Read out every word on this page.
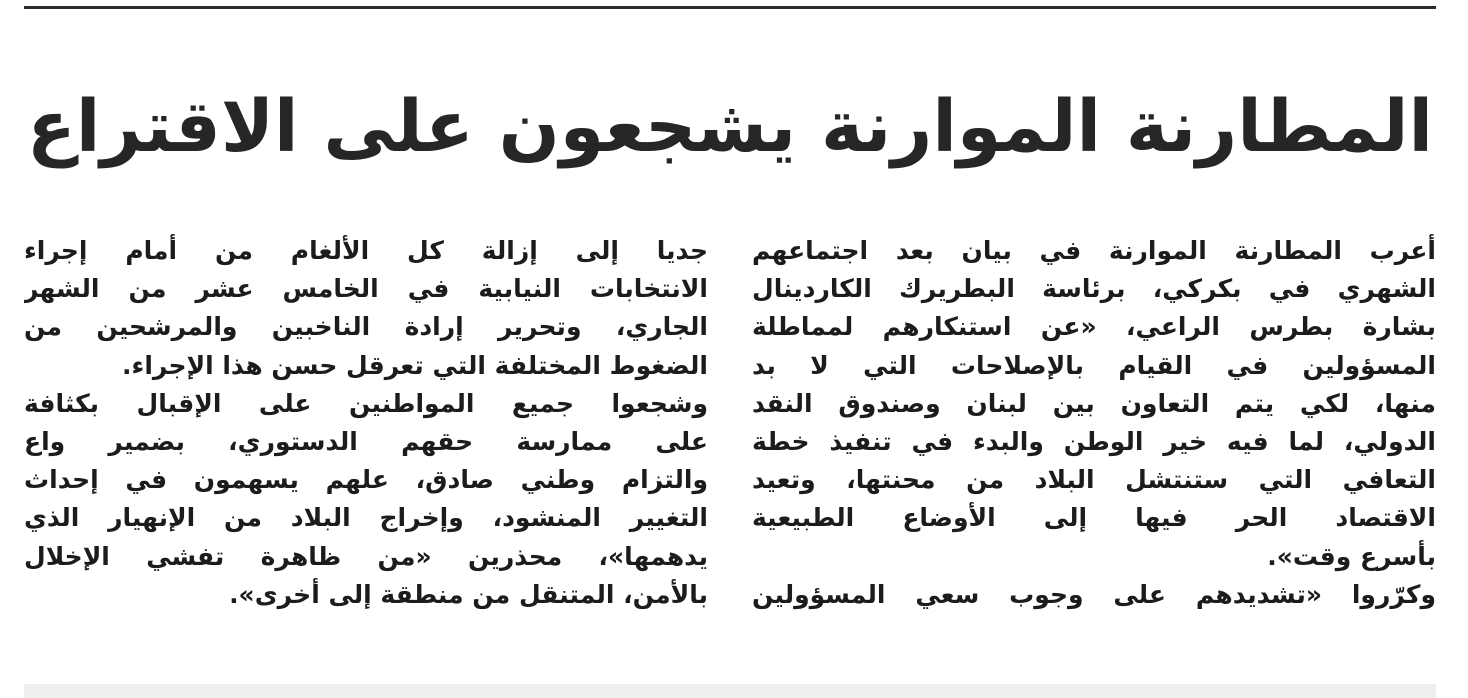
المطارنة الموارنة يشجعون على الاقتراع
أعرب المطارنة الموارنة في بيان بعد اجتماعهم
الشهري في بكركي، برئاسة البطريرك الكاردينال
بشارة بطرس الراعي، «عن استنكارهم لمماطلة
المسؤولين في القيام بالإصلاحات التي لا بد
منها، لكي يتم التعاون بين لبنان وصندوق النقد
الدولي، لما فيه خير الوطن والبدء في تنفيذ خطة
التعافي التي ستنتشل البلاد من محنتها، وتعيد
الاقتصاد الحر فيها إلى الأوضاع الطبيعية
بأسرع وقت».
وكرّروا «تشديدهم على وجوب سعي المسؤولين
جديا إلى إزالة كل الألغام من أمام إجراء
الانتخابات النيابية في الخامس عشر من الشهر
الجاري، وتحرير إرادة الناخبين والمرشحين من
الضغوط المختلفة التي تعرقل حسن هذا الإجراء.
وشجعوا جميع المواطنين على الإقبال بكثافة
على ممارسة حقهم الدستوري، بضمير واع
والتزام وطني صادق، علهم يسهمون في إحداث
التغيير المنشود، وإخراج البلاد من الإنهيار الذي
يدهمها»، محذرين «من ظاهرة تفشي الإخلال
بالأمن، المتنقل من منطقة إلى أخرى».
